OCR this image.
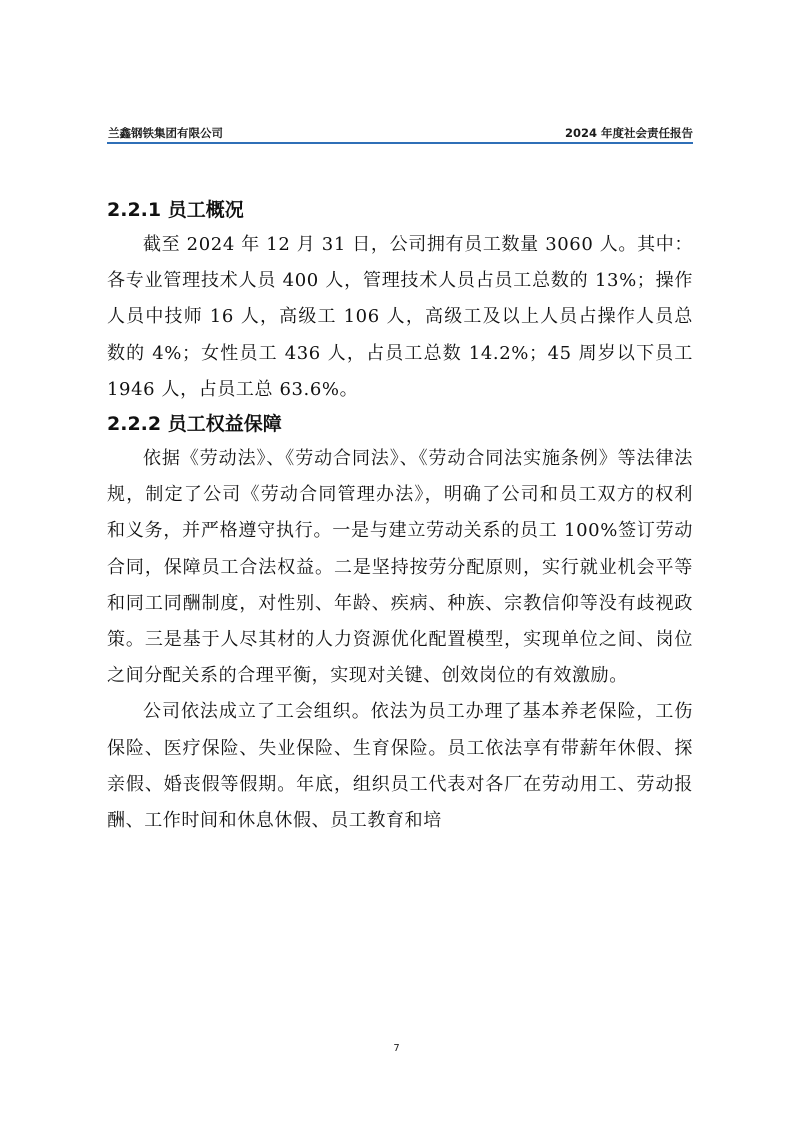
兰鑫钢铁集团有限公司	2024 年度社会责任报告
2.2.1 员工概况

截至 2024 年 12 月 31 日，公司拥有员工数量 3060 人。其中：各专业管理技术人员 400 人，管理技术人员占员工总数的 13%；操作人员中技师 16 人，高级工 106 人，高级工及以上人员占操作人员总数的 4%；女性员工 436 人，占员工总数 14.2%；45 周岁以下员工 1946 人，占员工总 63.6%。

2.2.2 员工权益保障

依据《劳动法》、《劳动合同法》、《劳动合同法实施条例》等法律法规，制定了公司《劳动合同管理办法》，明确了公司和员工双方的权利和义务，并严格遵守执行。一是与建立劳动关系的员工 100%签订劳动合同，保障员工合法权益。二是坚持按劳分配原则，实行就业机会平等和同工同酬制度，对性别、年龄、疾病、种族、宗教信仰等没有歧视政策。三是基于人尽其材的人力资源优化配置模型，实现单位之间、岗位之间分配关系的合理平衡，实现对关键、创效岗位的有效激励。

公司依法成立了工会组织。依法为员工办理了基本养老保险，工伤保险、医疗保险、失业保险、生育保险。员工依法享有带薪年休假、探亲假、婚丧假等假期。年底，组织员工代表对各厂在劳动用工、劳动报酬、工作时间和休息休假、员工教育和培

7
